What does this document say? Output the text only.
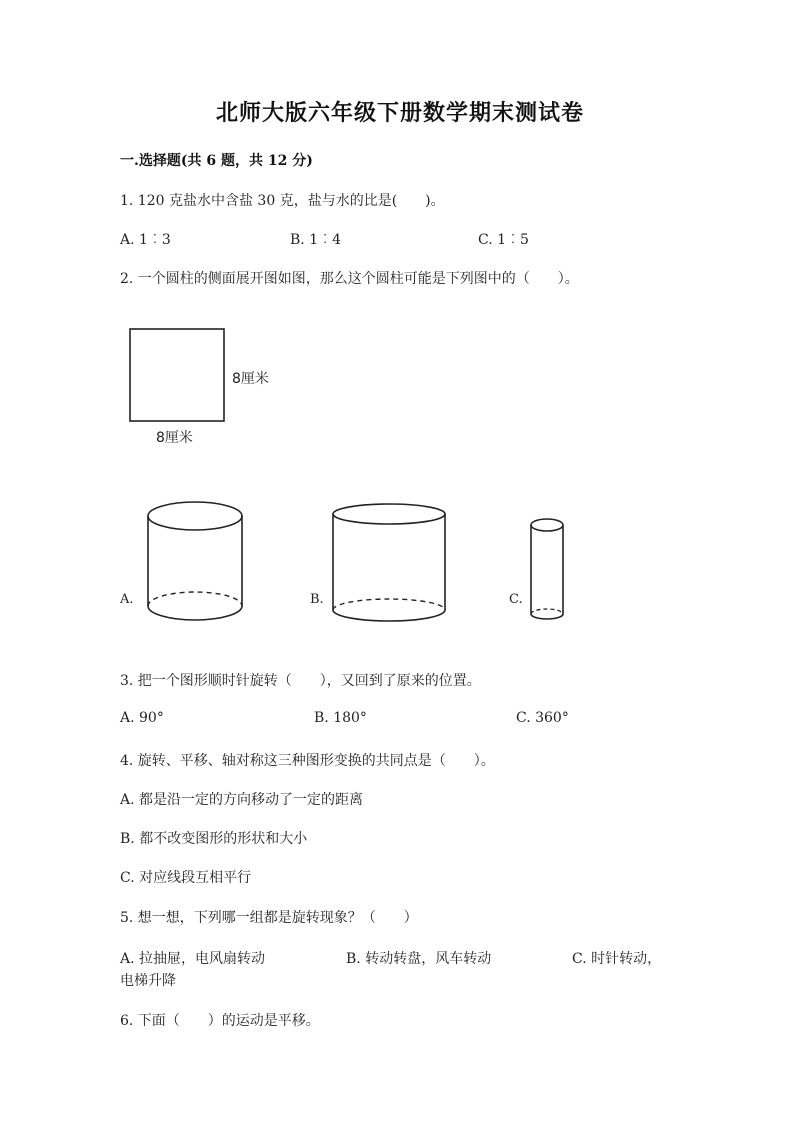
北师大版六年级下册数学期末测试卷
一.选择题(共 6 题，共 12 分)
1. 120 克盐水中含盐 30 克，盐与水的比是(　　)。
A. 1︰3	B. 1︰4	C. 1︰5
2. 一个圆柱的侧面展开图如图，那么这个圆柱可能是下列图中的（　　）。
8厘米
8厘米
A.	B.	C.
3. 把一个图形顺时针旋转（　　），又回到了原来的位置。
A. 90°	B. 180°	C. 360°
4. 旋转、平移、轴对称这三种图形变换的共同点是（　　）。
A. 都是沿一定的方向移动了一定的距离
B. 都不改变图形的形状和大小
C. 对应线段互相平行
5. 想一想，下列哪一组都是旋转现象？（　　）
A. 拉抽屉，电风扇转动	B. 转动转盘，风车转动	C. 时针转动，
电梯升降
6. 下面（　　）的运动是平移。
